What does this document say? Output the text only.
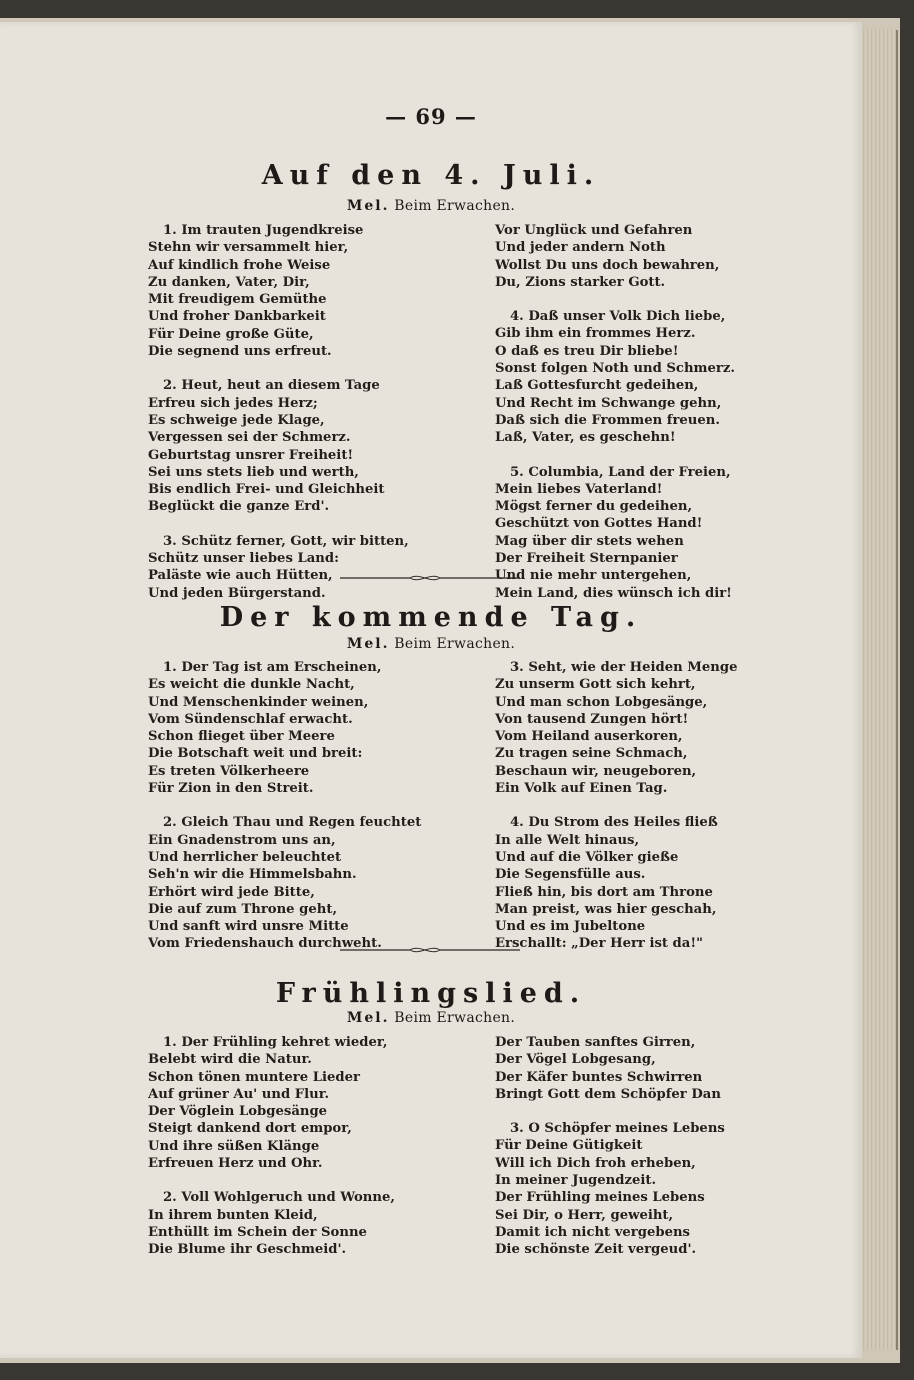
— 69 —
Auf den 4. Juli.
Mel. Beim Erwachen.
1. Im trauten Jugendkreise
Stehn wir versammelt hier,
Auf kindlich frohe Weise
Zu danken, Vater, Dir,
Mit freudigem Gemüthe
Und froher Dankbarkeit
Für Deine große Güte,
Die segnend uns erfreut.
2. Heut, heut an diesem Tage
Erfreu sich jedes Herz;
Es schweige jede Klage,
Vergessen sei der Schmerz.
Geburtstag unsrer Freiheit!
Sei uns stets lieb und werth,
Bis endlich Frei- und Gleichheit
Beglückt die ganze Erd'.
3. Schütz ferner, Gott, wir bitten,
Schütz unser liebes Land:
Paläste wie auch Hütten,
Und jeden Bürgerstand.
Vor Unglück und Gefahren
Und jeder andern Noth
Wollst Du uns doch bewahren,
Du, Zions starker Gott.
4. Daß unser Volk Dich liebe,
Gib ihm ein frommes Herz.
O daß es treu Dir bliebe!
Sonst folgen Noth und Schmerz.
Laß Gottesfurcht gedeihen,
Und Recht im Schwange gehn,
Daß sich die Frommen freuen.
Laß, Vater, es geschehn!
5. Columbia, Land der Freien,
Mein liebes Vaterland!
Mögst ferner du gedeihen,
Geschützt von Gottes Hand!
Mag über dir stets wehen
Der Freiheit Sternpanier
Und nie mehr untergehen,
Mein Land, dies wünsch ich dir!
Der kommende Tag.
Mel. Beim Erwachen.
1. Der Tag ist am Erscheinen,
Es weicht die dunkle Nacht,
Und Menschenkinder weinen,
Vom Sündenschlaf erwacht.
Schon flieget über Meere
Die Botschaft weit und breit:
Es treten Völkerheere
Für Zion in den Streit.
2. Gleich Thau und Regen feuchtet
Ein Gnadenstrom uns an,
Und herrlicher beleuchtet
Seh'n wir die Himmelsbahn.
Erhört wird jede Bitte,
Die auf zum Throne geht,
Und sanft wird unsre Mitte
Vom Friedenshauch durchweht.
3. Seht, wie der Heiden Menge
Zu unserm Gott sich kehrt,
Und man schon Lobgesänge,
Von tausend Zungen hört!
Vom Heiland auserkoren,
Zu tragen seine Schmach,
Beschaun wir, neugeboren,
Ein Volk auf Einen Tag.
4. Du Strom des Heiles fließ
In alle Welt hinaus,
Und auf die Völker gieße
Die Segensfülle aus.
Fließ hin, bis dort am Throne
Man preist, was hier geschah,
Und es im Jubeltone
Erschallt: „Der Herr ist da!"
Frühlingslied.
Mel. Beim Erwachen.
1. Der Frühling kehret wieder,
Belebt wird die Natur.
Schon tönen muntere Lieder
Auf grüner Au' und Flur.
Der Vöglein Lobgesänge
Steigt dankend dort empor,
Und ihre süßen Klänge
Erfreuen Herz und Ohr.
2. Voll Wohlgeruch und Wonne,
In ihrem bunten Kleid,
Enthüllt im Schein der Sonne
Die Blume ihr Geschmeid'.
Der Tauben sanftes Girren,
Der Vögel Lobgesang,
Der Käfer buntes Schwirren
Bringt Gott dem Schöpfer Dan
3. O Schöpfer meines Lebens
Für Deine Gütigkeit
Will ich Dich froh erheben,
In meiner Jugendzeit.
Der Frühling meines Lebens
Sei Dir, o Herr, geweiht,
Damit ich nicht vergebens
Die schönste Zeit vergeud'.
